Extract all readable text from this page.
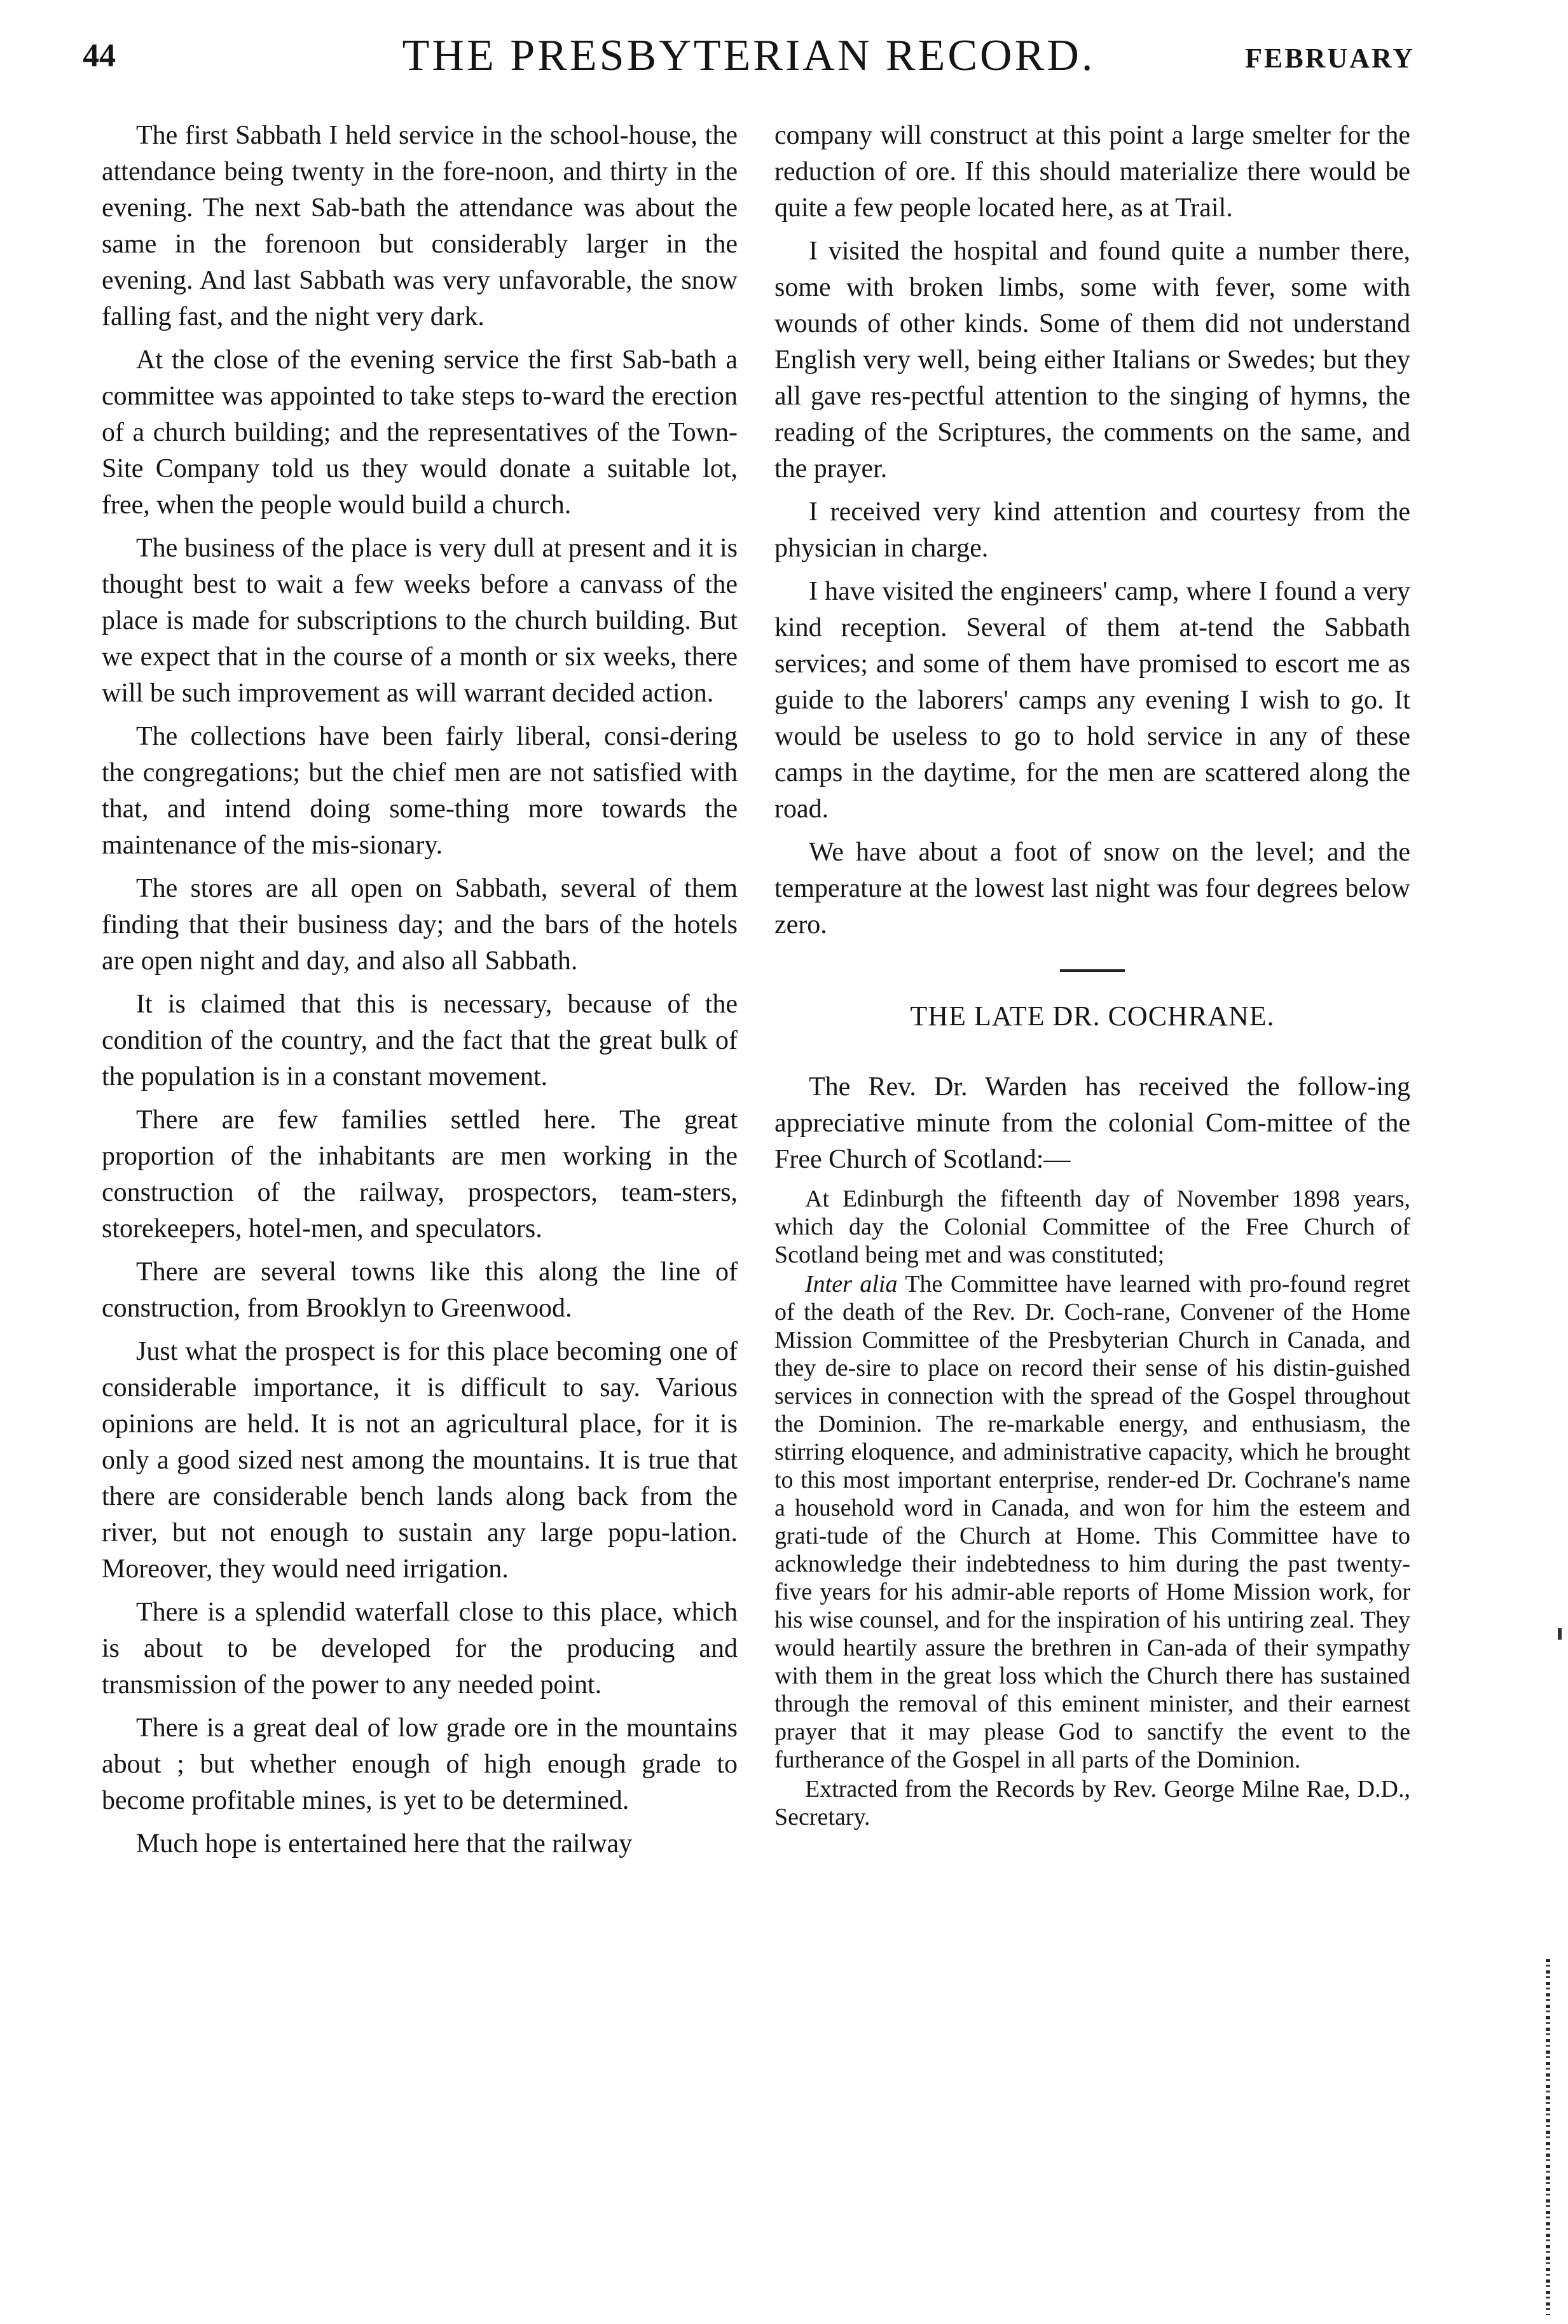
44	THE PRESBYTERIAN RECORD.	FEBRUARY

The first Sabbath I held service in the school-house, the attendance being twenty in the fore-noon, and thirty in the evening. The next Sab-bath the attendance was about the same in the forenoon but considerably larger in the evening. And last Sabbath was very unfavorable, the snow falling fast, and the night very dark.

At the close of the evening service the first Sab-bath a committee was appointed to take steps to-ward the erection of a church building; and the representatives of the Town-Site Company told us they would donate a suitable lot, free, when the people would build a church.

The business of the place is very dull at present and it is thought best to wait a few weeks before a canvass of the place is made for subscriptions to the church building. But we expect that in the course of a month or six weeks, there will be such improvement as will warrant decided action.

The collections have been fairly liberal, consi-dering the congregations; but the chief men are not satisfied with that, and intend doing some-thing more towards the maintenance of the mis-sionary.

The stores are all open on Sabbath, several of them finding that their business day; and the bars of the hotels are open night and day, and also all Sabbath.

It is claimed that this is necessary, because of the condition of the country, and the fact that the great bulk of the population is in a constant movement.

There are few families settled here. The great proportion of the inhabitants are men working in the construction of the railway, prospectors, team-sters, storekeepers, hotel-men, and speculators.

There are several towns like this along the line of construction, from Brooklyn to Greenwood.

Just what the prospect is for this place becoming one of considerable importance, it is difficult to say. Various opinions are held. It is not an agricultural place, for it is only a good sized nest among the mountains. It is true that there are considerable bench lands along back from the river, but not enough to sustain any large popu-lation. Moreover, they would need irrigation.

There is a splendid waterfall close to this place, which is about to be developed for the producing and transmission of the power to any needed point.

There is a great deal of low grade ore in the mountains about ; but whether enough of high enough grade to become profitable mines, is yet to be determined.

Much hope is entertained here that the railway

company will construct at this point a large smelter for the reduction of ore. If this should materialize there would be quite a few people located here, as at Trail.

I visited the hospital and found quite a number there, some with broken limbs, some with fever, some with wounds of other kinds. Some of them did not understand English very well, being either Italians or Swedes; but they all gave res-pectful attention to the singing of hymns, the reading of the Scriptures, the comments on the same, and the prayer.

I received very kind attention and courtesy from the physician in charge.

I have visited the engineers' camp, where I found a very kind reception. Several of them at-tend the Sabbath services; and some of them have promised to escort me as guide to the laborers' camps any evening I wish to go. It would be useless to go to hold service in any of these camps in the daytime, for the men are scattered along the road.

We have about a foot of snow on the level; and the temperature at the lowest last night was four degrees below zero.

THE LATE DR. COCHRANE.

The Rev. Dr. Warden has received the follow-ing appreciative minute from the colonial Com-mittee of the Free Church of Scotland:—

At Edinburgh the fifteenth day of November 1898 years, which day the Colonial Committee of the Free Church of Scotland being met and was constituted;

Inter alia The Committee have learned with pro-found regret of the death of the Rev. Dr. Coch-rane, Convener of the Home Mission Committee of the Presbyterian Church in Canada, and they de-sire to place on record their sense of his distin-guished services in connection with the spread of the Gospel throughout the Dominion. The re-markable energy, and enthusiasm, the stirring eloquence, and administrative capacity, which he brought to this most important enterprise, render-ed Dr. Cochrane's name a household word in Canada, and won for him the esteem and grati-tude of the Church at Home. This Committee have to acknowledge their indebtedness to him during the past twenty-five years for his admir-able reports of Home Mission work, for his wise counsel, and for the inspiration of his untiring zeal. They would heartily assure the brethren in Can-ada of their sympathy with them in the great loss which the Church there has sustained through the removal of this eminent minister, and their earnest prayer that it may please God to sanctify the event to the furtherance of the Gospel in all parts of the Dominion.

Extracted from the Records by Rev. George Milne Rae, D.D., Secretary.
